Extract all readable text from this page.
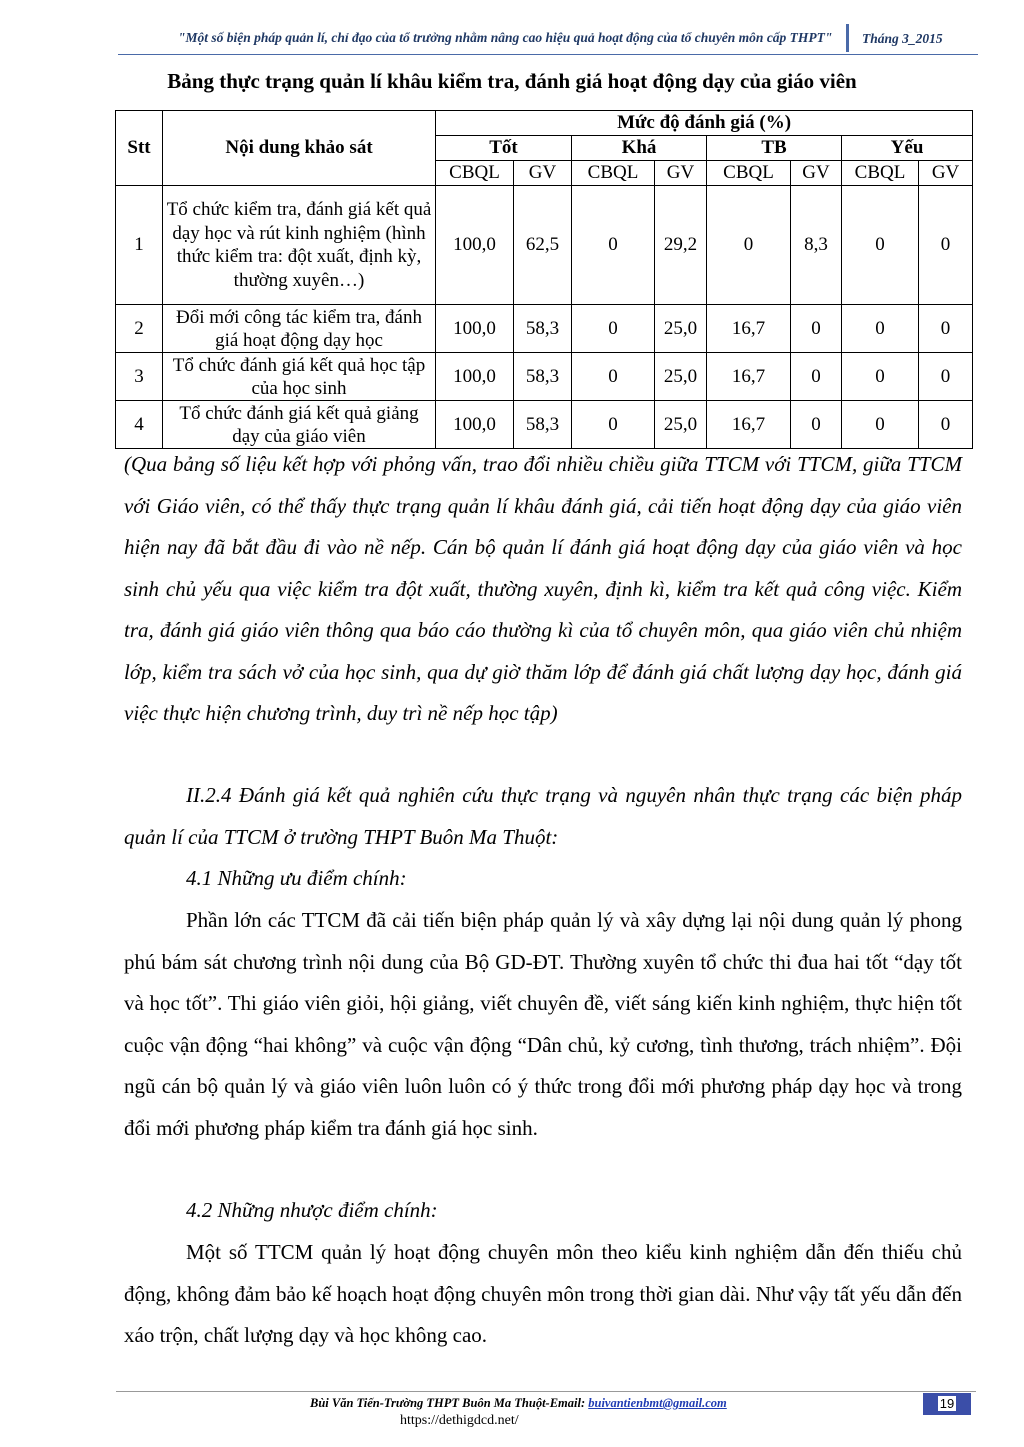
"Một số biện pháp quản lí, chỉ đạo của tổ trưởng nhằm nâng cao hiệu quả hoạt động của tổ chuyên môn cấp THPT" Tháng 3_2015
Bảng thực trạng quản lí khâu kiểm tra, đánh giá hoạt động dạy của giáo viên
Stt	Nội dung khảo sát	Mức độ đánh giá (%)							
		Tốt		Khá		TB		Yếu	
		CBQL	GV	CBQL	GV	CBQL	GV	CBQL	GV
1	Tổ chức kiểm tra, đánh giá kết quả dạy học và rút kinh nghiệm (hình thức kiểm tra: đột xuất, định kỳ, thường xuyên…)	100,0	62,5	0	29,2	0	8,3	0	0
2	Đổi mới công tác kiểm tra, đánh giá hoạt động dạy học	100,0	58,3	0	25,0	16,7	0	0	0
3	Tổ chức đánh giá kết quả học tập của học sinh	100,0	58,3	0	25,0	16,7	0	0	0
4	Tổ chức đánh giá kết quả giảng dạy của giáo viên	100,0	58,3	0	25,0	16,7	0	0	0
(Qua bảng số liệu kết hợp với phỏng vấn, trao đổi nhiều chiều giữa TTCM với TTCM, giữa TTCM với Giáo viên, có thể thấy thực trạng quản lí khâu đánh giá, cải tiến hoạt động dạy của giáo viên hiện nay đã bắt đầu đi vào nề nếp. Cán bộ quản lí đánh giá hoạt động dạy của giáo viên và học sinh chủ yếu qua việc kiểm tra đột xuất, thường xuyên, định kì, kiểm tra kết quả công việc. Kiểm tra, đánh giá giáo viên thông qua báo cáo thường kì của tổ chuyên môn, qua giáo viên chủ nhiệm lớp, kiểm tra sách vở của học sinh, qua dự giờ thăm lớp để đánh giá chất lượng dạy học, đánh giá việc thực hiện chương trình, duy trì nề nếp học tập)
II.2.4 Đánh giá kết quả nghiên cứu thực trạng và nguyên nhân thực trạng các biện pháp quản lí của TTCM ở trường THPT Buôn Ma Thuột:
4.1 Những ưu điểm chính:
Phần lớn các TTCM đã cải tiến biện pháp quản lý và xây dựng lại nội dung quản lý phong phú bám sát chương trình nội dung của Bộ GD-ĐT. Thường xuyên tổ chức thi đua hai tốt “dạy tốt và học tốt”. Thi giáo viên giỏi, hội giảng, viết chuyên đề, viết sáng kiến kinh nghiệm, thực hiện tốt cuộc vận động “hai không” và cuộc vận động “Dân chủ, kỷ cương, tình thương, trách nhiệm”. Đội ngũ cán bộ quản lý và giáo viên luôn luôn có ý thức trong đổi mới phương pháp dạy học và trong đổi mới phương pháp kiểm tra đánh giá học sinh.
4.2 Những nhược điểm chính:
Một số TTCM quản lý hoạt động chuyên môn theo kiểu kinh nghiệm dẫn đến thiếu chủ động, không đảm bảo kế hoạch hoạt động chuyên môn trong thời gian dài. Như vậy tất yếu dẫn đến xáo trộn, chất lượng dạy và học không cao.
Bùi Văn Tiến-Trường THPT Buôn Ma Thuột-Email: buivantienbmt@gmail.com	19
https://dethigdcd.net/
